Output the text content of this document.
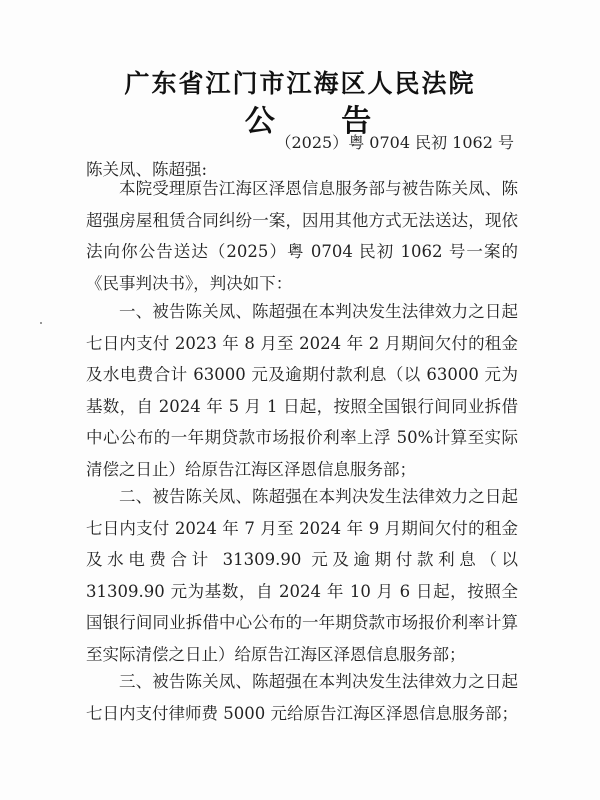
广东省江门市江海区人民法院
公 告
（2025）粤 0704 民初 1062 号
陈关凤、陈超强:

本院受理原告江海区泽恩信息服务部与被告陈关凤、陈超强房屋租赁合同纠纷一案，因用其他方式无法送达，现依法向你公告送达（2025）粤 0704 民初 1062 号一案的《民事判决书》，判决如下：

一、被告陈关凤、陈超强在本判决发生法律效力之日起七日内支付 2023 年 8 月至 2024 年 2 月期间欠付的租金及水电费合计 63000 元及逾期付款利息（以 63000 元为基数，自 2024 年 5 月 1 日起，按照全国银行间同业拆借中心公布的一年期贷款市场报价利率上浮 50%计算至实际清偿之日止）给原告江海区泽恩信息服务部；

二、被告陈关凤、陈超强在本判决发生法律效力之日起七日内支付 2024 年 7 月至 2024 年 9 月期间欠付的租金及水电费合计 31309.90 元及逾期付款利息（以 31309.90 元为基数，自 2024 年 10 月 6 日起，按照全国银行间同业拆借中心公布的一年期贷款市场报价利率计算至实际清偿之日止）给原告江海区泽恩信息服务部；

三、被告陈关凤、陈超强在本判决发生法律效力之日起七日内支付律师费 5000 元给原告江海区泽恩信息服务部；
